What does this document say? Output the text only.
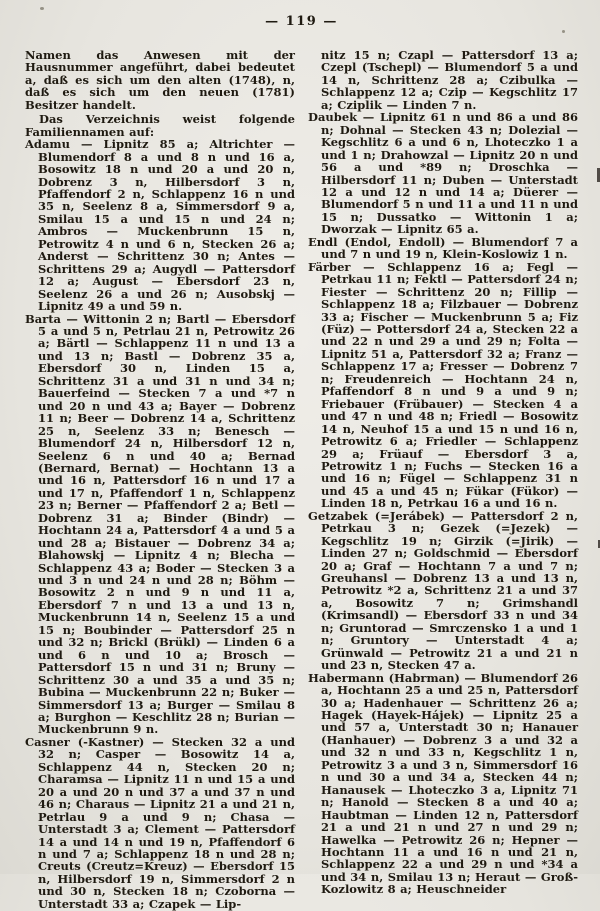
— 119 —

Namen das Anwesen mit der Hausnummer angeführt, dabei bedeutet a, daß es sich um den alten (1748), n, daß es sich um den neuen (1781) Besitzer handelt.

Das Verzeichnis weist folgende Familiennamen auf:

Adamu — Lipnitz 85 a; Altrichter — Blumendorf 8 a und 8 n und 16 a, Bosowitz 18 n und 20 a und 20 n, Dobrenz 3 n, Hilbersdorf 3 n, Pfaffendorf 2 n, Schlappenz 16 n und 35 n, Seelenz 8 a, Simmersdorf 9 a, Smilau 15 a und 15 n und 24 n; Ambros — Muckenbrunn 15 n, Petrowitz 4 n und 6 n, Stecken 26 a; Anderst — Schrittenz 30 n; Antes — Schrittens 29 a; Augydl — Pattersdorf 12 a; August — Ebersdorf 23 n, Seelenz 26 a und 26 n; Ausobskj — Lipnitz 49 a und 59 n.

Barta — Wittonin 2 n; Bartl — Ebersdorf 5 a und 5 n, Petrlau 21 n, Petrowitz 26 a; Bärtl — Schlappenz 11 n und 13 a und 13 n; Bastl — Dobrenz 35 a, Ebersdorf 30 n, Linden 15 a, Schrittenz 31 a und 31 n und 34 n; Bauerfeind — Stecken 7 a und *7 n und 20 n und 43 a; Bayer — Dobrenz 11 n; Beer — Dobrenz 14 a, Schrittenz 25 n, Seelenz 33 n; Benesch — Blumendorf 24 n, Hilbersdorf 12 n, Seelenz 6 n und 40 a; Bernad (Bernard, Bernat) — Hochtann 13 a und 16 n, Pattersdorf 16 n und 17 a und 17 n, Pfaffendorf 1 n, Schlappenz 23 n; Berner — Pfaffendorf 2 a; Betl — Dobrenz 31 a; Binder (Bindr) — Hochtann 24 a, Pattersdorf 4 a und 5 a und 28 a; Bistauer — Dobrenz 34 a; Blahowskj — Lipnitz 4 n; Blecha — Schlappenz 43 a; Boder — Stecken 3 a und 3 n und 24 n und 28 n; Böhm — Bosowitz 2 n und 9 n und 11 a, Ebersdorf 7 n und 13 a und 13 n, Muckenbrunn 14 n, Seelenz 15 a und 15 n; Boubinder — Pattersdorf 25 n und 32 n; Brickl (Brükl) — Linden 6 a und 6 n und 10 a; Brosch — Pattersdorf 15 n und 31 n; Bruny — Schrittenz 30 a und 35 a und 35 n; Bubina — Muckenbrunn 22 n; Buker — Simmersdorf 13 a; Burger — Smilau 8 a; Burghon — Keschlitz 28 n; Burian — Muckenbrunn 9 n.

Casner (-Kastner) — Stecken 32 a und 32 n; Casper — Bosowitz 14 a, Schlappenz 44 n, Stecken 20 n; Charamsa — Lipnitz 11 n und 15 a und 20 a und 20 n und 37 a und 37 n und 46 n; Charaus — Lipnitz 21 a und 21 n, Petrlau 9 a und 9 n; Chasa — Unterstadt 3 a; Clement — Pattersdorf 14 a und 14 n und 19 n, Pfaffendorf 6 n und 7 a; Schlappenz 18 n und 28 n; Creuts (Creutz=Kreuz) — Ebersdorf 15 n, Hilbersdorf 19 n, Simmersdorf 2 n und 30 n, Stecken 18 n; Czoborna — Unterstadt 33 a; Czapek — Lip-

nitz 15 n; Czapl — Pattersdorf 13 a; Czepl (Tschepl) — Blumendorf 5 a und 14 n, Schrittenz 28 a; Czibulka — Schlappenz 12 a; Czip — Kegschlitz 17 a; Cziplik — Linden 7 n.

Daubek — Lipnitz 61 n und 86 a und 86 n; Dohnal — Stecken 43 n; Dolezial — Kegschlitz 6 a und 6 n, Lhoteczko 1 a und 1 n; Drahowzal — Lipnitz 20 n und 56 a und *89 n; Droschka — Hilbersdorf 11 n; Duben — Unterstadt 12 a und 12 n und 14 a; Düerer — Blumendorf 5 n und 11 a und 11 n und 15 n; Dussatko — Wittonin 1 a; Dworzak — Lipnitz 65 a.

Endl (Endol, Endoll) — Blumendorf 7 a und 7 n und 19 n, Klein-Koslowiz 1 n.

Färber — Schlappenz 16 a; Fegl — Petrkau 11 n; Fektl — Pattersdorf 24 n; Fiester — Schrittenz 20 n; Fillip — Schlappenz 18 a; Filzbauer — Dobrenz 33 a; Fischer — Muckenbrunn 5 a; Fiz (Füz) — Pottersdorf 24 a, Stecken 22 a und 22 n und 29 a und 29 n; Folta — Lipnitz 51 a, Pattersdorf 32 a; Franz — Schlappenz 17 a; Fresser — Dobrenz 7 n; Freudenreich — Hochtann 24 n, Pfaffendorf 8 n und 9 a und 9 n; Friebauer (Frübauer) — Stecken 4 a und 47 n und 48 n; Friedl — Bosowitz 14 n, Neuhof 15 a und 15 n und 16 n, Petrowitz 6 a; Friedler — Schlappenz 29 a; Früauf — Ebersdorf 3 a, Petrowitz 1 n; Fuchs — Stecken 16 a und 16 n; Fügel — Schlappenz 31 n und 45 a und 45 n; Fükar (Fükor) — Linden 18 n, Petrkau 16 a und 16 n.

Getzabek (=Jerábek) — Pattersdorf 2 n, Petrkau 3 n; Gezek (=Jezek) — Kegschlitz 19 n; Girzik (=Jirik) — Linden 27 n; Goldschmid — Ebersdorf 20 a; Graf — Hochtann 7 a und 7 n; Greuhansl — Dobrenz 13 a und 13 n, Petrowitz *2 a, Schrittenz 21 a und 37 a, Bosowitz 7 n; Grimshandl (Krimsandl) — Ebersdorf 33 n und 34 n; Gruntorad — Smrczensko 1 a und 1 n; Gruntory — Unterstadt 4 a; Grünwald — Petrowitz 21 a und 21 n und 23 n, Stecken 47 a.

Habermann (Habrman) — Blumendorf 26 a, Hochtann 25 a und 25 n, Pattersdorf 30 a; Hadenhauer — Schrittenz 26 a; Hagek (Hayek-Hájek) — Lipnitz 25 a und 57 a, Unterstadt 30 n; Hanauer (Hanhauer) — Dobrenz 3 a und 32 a und 32 n und 33 n, Kegschlitz 1 n, Petrowitz 3 a und 3 n, Simmersdorf 16 n und 30 a und 34 a, Stecken 44 n; Hanausek — Lhoteczko 3 a, Lipnitz 71 n; Hanold — Stecken 8 a und 40 a; Haubtman — Linden 12 n, Pattersdorf 21 a und 21 n und 27 n und 29 n; Hawelka — Petrowitz 26 n; Hepner — Hochtann 11 a und 16 n und 21 n, Schlappenz 22 a und 29 n und *34 a und 34 n, Smilau 13 n; Heraut — Groß-Kozlowitz 8 a; Heuschneider
